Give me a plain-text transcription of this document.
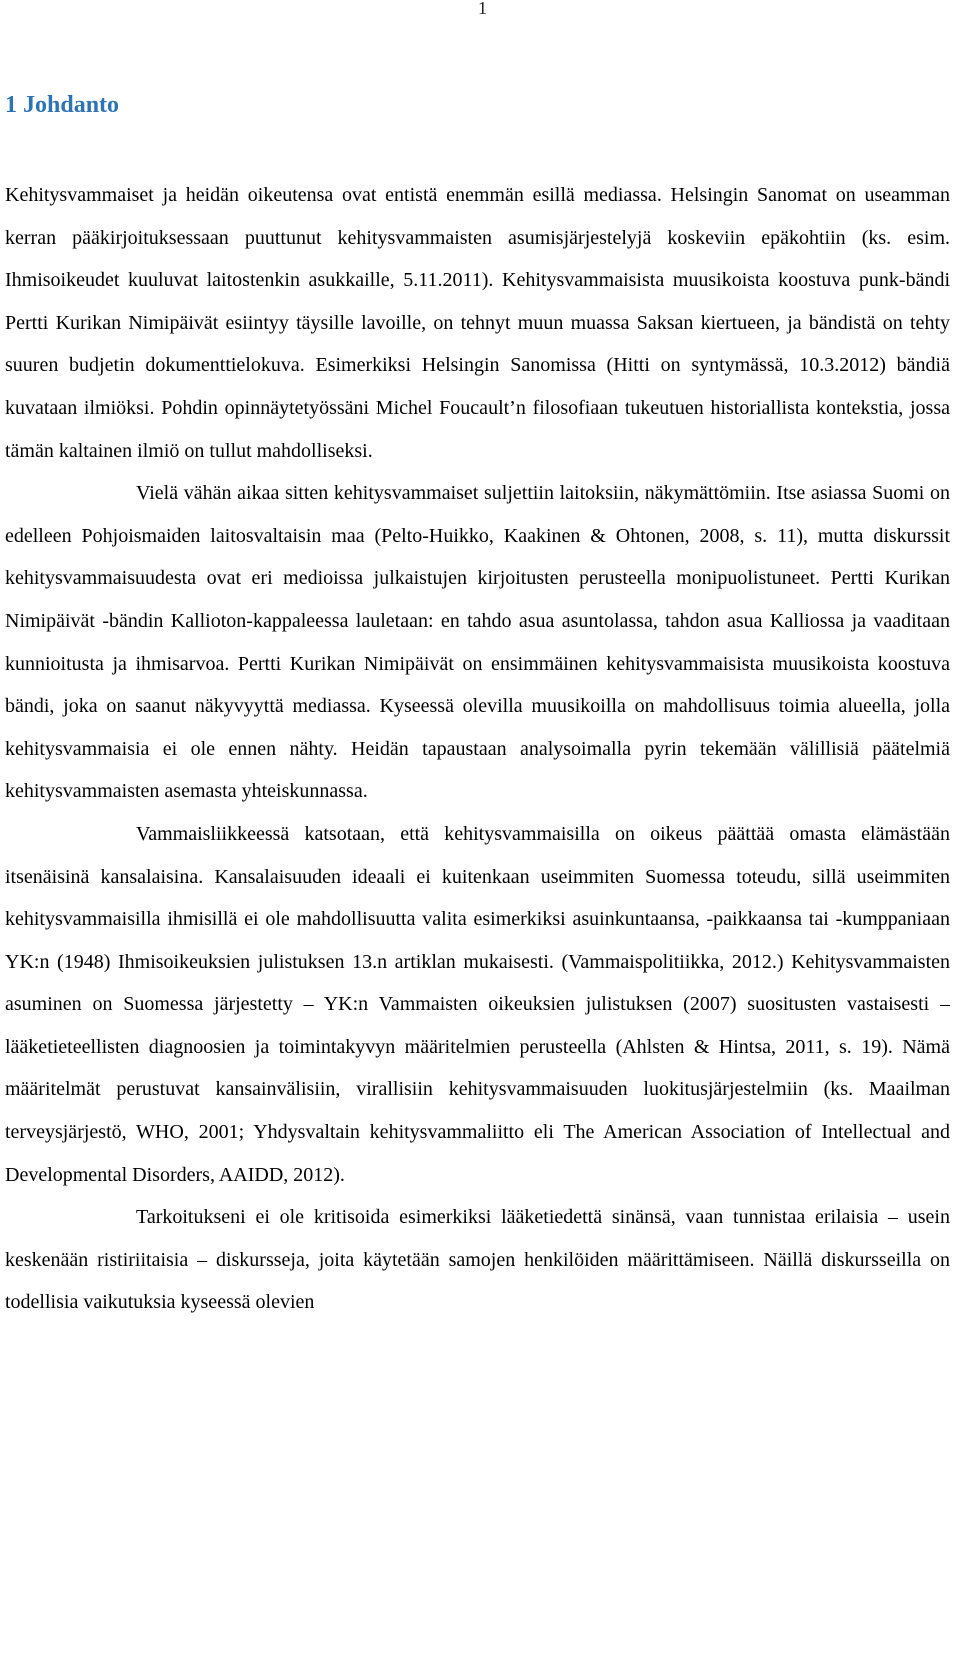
1
1 Johdanto

Kehitysvammaiset ja heidän oikeutensa ovat entistä enemmän esillä mediassa. Helsingin Sanomat on useamman kerran pääkirjoituksessaan puuttunut kehitysvammaisten asumisjärjestelyjä koskeviin epäkohtiin (ks. esim. Ihmisoikeudet kuuluvat laitostenkin asukkaille, 5.11.2011). Kehitysvammaisista muusikoista koostuva punk-bändi Pertti Kurikan Nimipäivät esiintyy täysille lavoille, on tehnyt muun muassa Saksan kiertueen, ja bändistä on tehty suuren budjetin dokumenttielokuva. Esimerkiksi Helsingin Sanomissa (Hitti on syntymässä, 10.3.2012) bändiä kuvataan ilmiöksi. Pohdin opinnäytetyössäni Michel Foucault’n filosofiaan tukeutuen historiallista kontekstia, jossa tämän kaltainen ilmiö on tullut mahdolliseksi.

Vielä vähän aikaa sitten kehitysvammaiset suljettiin laitoksiin, näkymättömiin. Itse asiassa Suomi on edelleen Pohjoismaiden laitosvaltaisin maa (Pelto-Huikko, Kaakinen & Ohtonen, 2008, s. 11), mutta diskurssit kehitysvammaisuudesta ovat eri medioissa julkaistujen kirjoitusten perusteella monipuolistuneet. Pertti Kurikan Nimipäivät -bändin Kallioton-kappaleessa lauletaan: en tahdo asua asuntolassa, tahdon asua Kalliossa ja vaaditaan kunnioitusta ja ihmisarvoa. Pertti Kurikan Nimipäivät on ensimmäinen kehitysvammaisista muusikoista koostuva bändi, joka on saanut näkyvyyttä mediassa. Kyseessä olevilla muusikoilla on mahdollisuus toimia alueella, jolla kehitysvammaisia ei ole ennen nähty. Heidän tapaustaan analysoimalla pyrin tekemään välillisiä päätelmiä kehitysvammaisten asemasta yhteiskunnassa.

Vammaisliikkeessä katsotaan, että kehitysvammaisilla on oikeus päättää omasta elämästään itsenäisinä kansalaisina. Kansalaisuuden ideaali ei kuitenkaan useimmiten Suomessa toteudu, sillä useimmiten kehitysvammaisilla ihmisillä ei ole mahdollisuutta valita esimerkiksi asuinkuntaansa, -paikkaansa tai -kumppaniaan YK:n (1948) Ihmisoikeuksien julistuksen 13.n artiklan mukaisesti. (Vammaispolitiikka, 2012.) Kehitysvammaisten asuminen on Suomessa järjestetty – YK:n Vammaisten oikeuksien julistuksen (2007) suositusten vastaisesti – lääketieteellisten diagnoosien ja toimintakyvyn määritelmien perusteella (Ahlsten & Hintsa, 2011, s. 19). Nämä määritelmät perustuvat kansainvälisiin, virallisiin kehitysvammaisuuden luokitusjärjestelmiin (ks. Maailman terveysjärjestö, WHO, 2001; Yhdysvaltain kehitysvammaliitto eli The American Association of Intellectual and Developmental Disorders, AAIDD, 2012).

Tarkoitukseni ei ole kritisoida esimerkiksi lääketiedettä sinänsä, vaan tunnistaa erilaisia – usein keskenään ristiriitaisia – diskursseja, joita käytetään samojen henkilöiden määrittämiseen. Näillä diskursseilla on todellisia vaikutuksia kyseessä olevien
